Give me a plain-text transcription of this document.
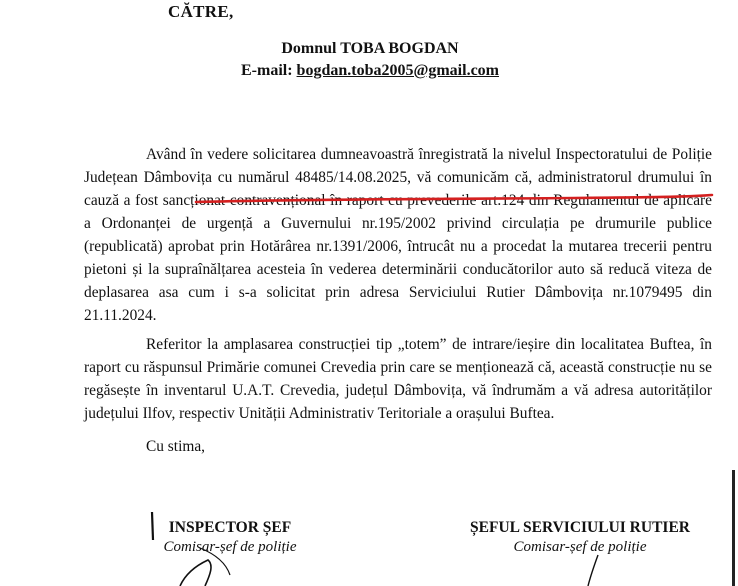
CĂTRE,
Domnul TOBA BOGDAN
E-mail: bogdan.toba2005@gmail.com
Având în vedere solicitarea dumneavoastră înregistrată la nivelul Inspectoratului de Poliție Județean Dâmbovița cu numărul 48485/14.08.2025, vă comunicăm că, administratorul drumului în cauză a fost sancționat contravențional în raport cu prevederile art.124 din Regulamentul de aplicare a Ordonanței de urgență a Guvernului nr.195/2002 privind circulația pe drumurile publice (republicată) aprobat prin Hotărârea nr.1391/2006, întrucât nu a procedat la mutarea trecerii pentru pietoni și la supraînălțarea acesteia în vederea determinării conducătorilor auto să reducă viteza de deplasarea asa cum i s-a solicitat prin adresa Serviciului Rutier Dâmbovița nr.1079495 din 21.11.2024.
Referitor la amplasarea construcției tip „totem” de intrare/ieșire din localitatea Buftea, în raport cu răspunsul Primărie comunei Crevedia prin care se menționează că, această construcție nu se regăsește în inventarul U.A.T. Crevedia, județul Dâmbovița, vă îndrumăm a vă adresa autorităților județului Ilfov, respectiv Unității Administrativ Teritoriale a orașului Buftea.
Cu stima,
INSPECTOR ȘEF
Comisar-șef de poliție
ȘEFUL SERVICIULUI RUTIER
Comisar-șef de poliție
